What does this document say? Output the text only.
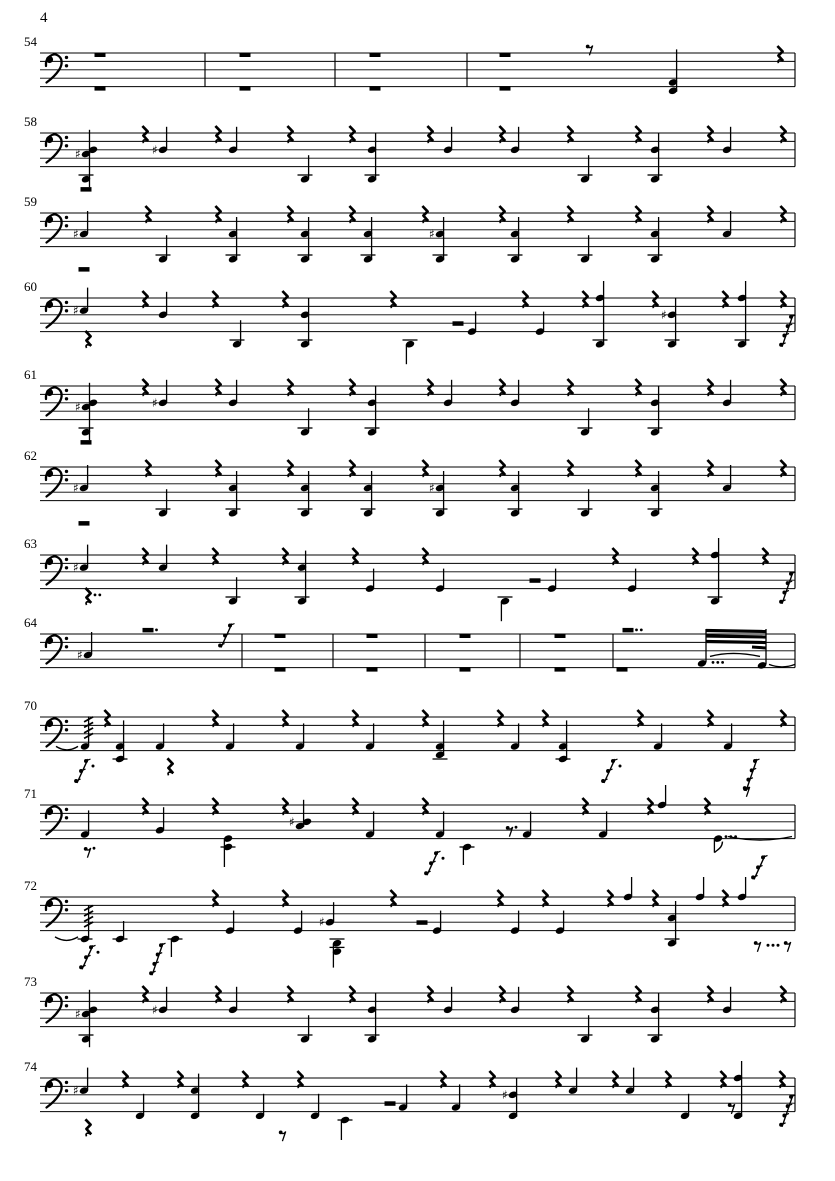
4
54
58
♯	♯
59
♯	♯
60
♯	♯
61
♯	♯
62
♯	♯
63
♯
64
♯
70
71
♯
72
♯
73
♯	♯
74
♯	♯
